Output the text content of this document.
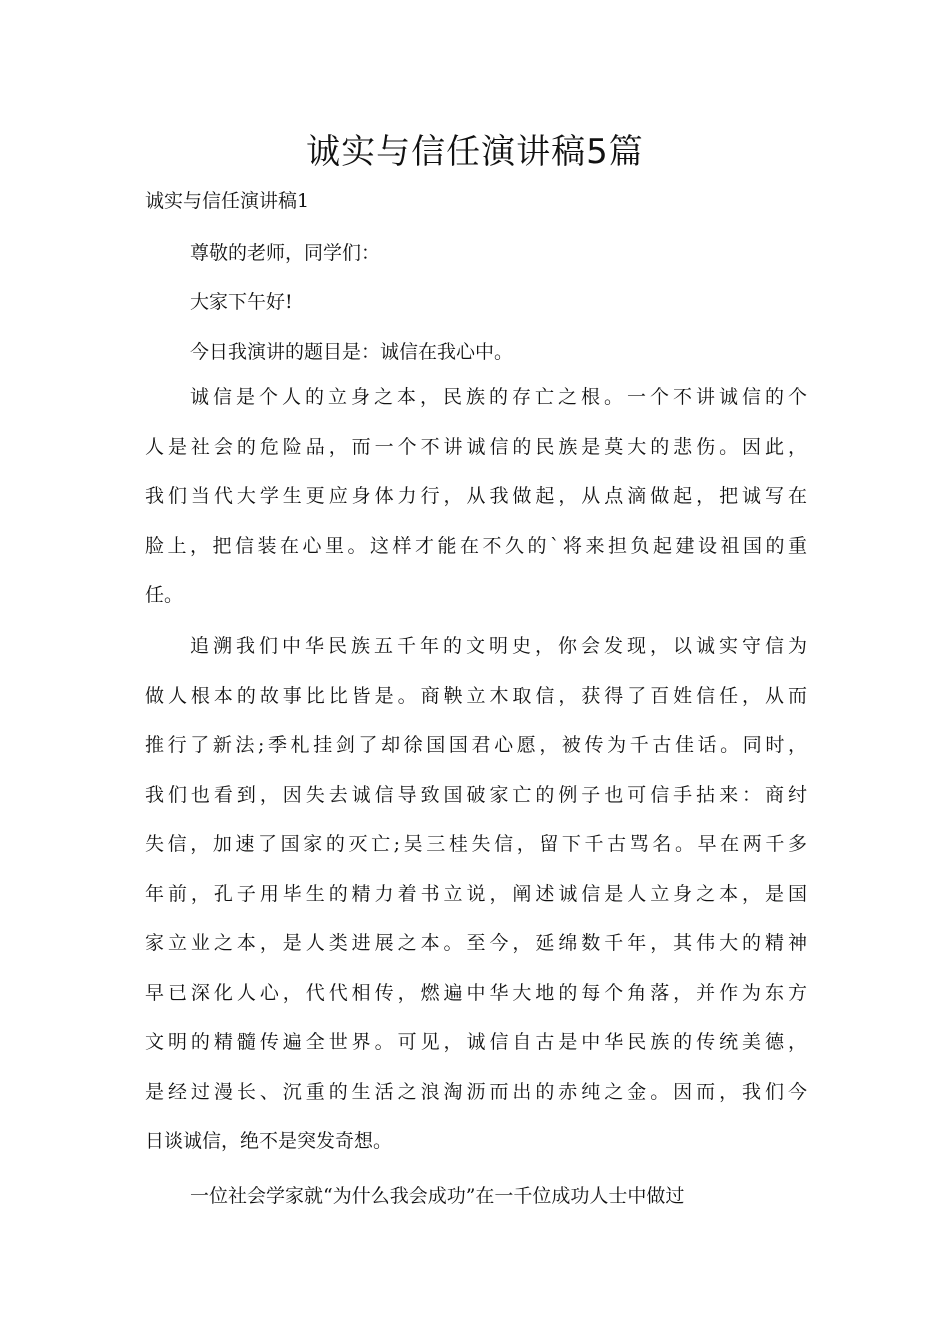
诚实与信任演讲稿5篇

诚实与信任演讲稿1

尊敬的老师，同学们：

大家下午好!

今日我演讲的题目是：诚信在我心中。

诚信是个人的立身之本，民族的存亡之根。一个不讲诚信的个
人是社会的危险品，而一个不讲诚信的民族是莫大的悲伤。因此，
我们当代大学生更应身体力行，从我做起，从点滴做起，把诚写在
脸上，把信装在心里。这样才能在不久的`将来担负起建设祖国的重
任。
追溯我们中华民族五千年的文明史，你会发现，以诚实守信为
做人根本的故事比比皆是。商鞅立木取信，获得了百姓信任，从而
推行了新法;季札挂剑了却徐国国君心愿，被传为千古佳话。同时，
我们也看到，因失去诚信导致国破家亡的例子也可信手拈来：商纣
失信，加速了国家的灭亡;吴三桂失信，留下千古骂名。早在两千多
年前，孔子用毕生的精力着书立说，阐述诚信是人立身之本，是国
家立业之本，是人类进展之本。至今，延绵数千年，其伟大的精神
早已深化人心，代代相传，燃遍中华大地的每个角落，并作为东方
文明的精髓传遍全世界。可见，诚信自古是中华民族的传统美德，
是经过漫长、沉重的生活之浪淘沥而出的赤纯之金。因而，我们今
日谈诚信，绝不是突发奇想。
一位社会学家就“为什么我会成功”在一千位成功人士中做过
